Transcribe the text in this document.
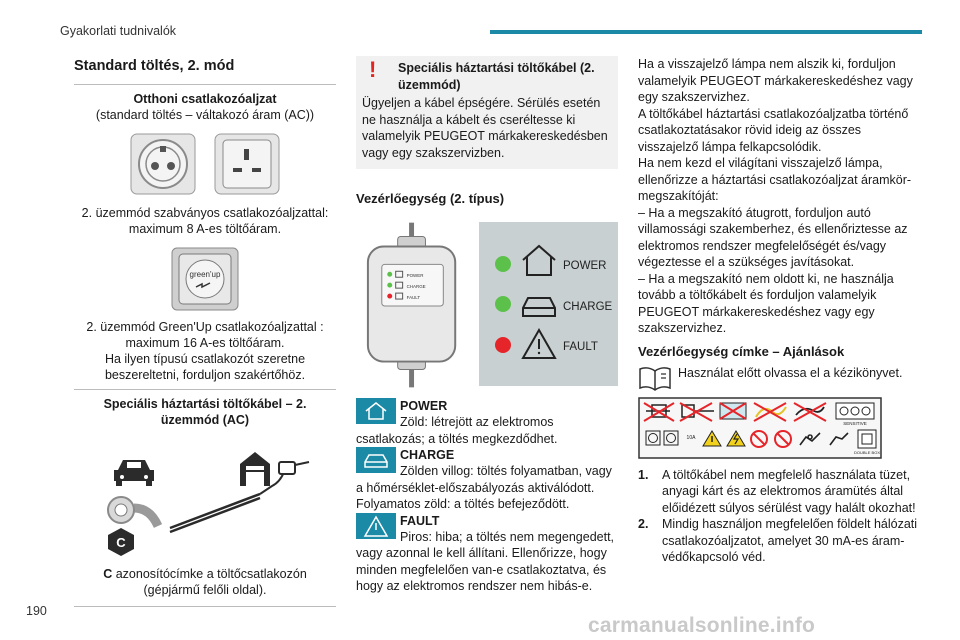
Gyakorlati tudnivalók
Standard töltés, 2. mód
Otthoni csatlakozóaljzat
(standard töltés – váltakozó áram (AC))
2. üzemmód szabványos csatlakozóaljzattal: maximum 8 A-es töltőáram.
green'up
2. üzemmód Green'Up csatlakozóaljzattal : maximum 16 A-es töltőáram.
Ha ilyen típusú csatlakozót szeretne beszereltetni, forduljon szakértőhöz.
Speciális háztartási töltőkábel – 2. üzemmód (AC)
C
C azonosítócímke a töltőcsatlakozón (gépjármű felőli oldal).
!	Speciális háztartási töltőkábel (2. üzemmód)
Ügyeljen a kábel épségére. Sérülés esetén ne használja a kábelt és cseréltesse ki valamelyik PEUGEOT márkakereskedésben vagy egy szakszervizben.
Vezérlőegység (2. típus)
POWER
CHARGE
FAULT
POWER
CHARGE
FAULT
POWER
Zöld: létrejött az elektromos csatlakozás; a töltés megkezdődhet.
CHARGE
Zölden villog: töltés folyamatban, vagy a hőmérséklet-előszabályozás aktiválódott. Folyamatos zöld: a töltés befejeződött.
FAULT
Piros: hiba; a töltés nem megengedett, vagy azonnal le kell állítani. Ellenőrizze, hogy minden megfelelően van-e csatlakoztatva, és hogy az elektromos rendszer nem hibás-e.
Ha a visszajelző lámpa nem alszik ki, forduljon valamelyik PEUGEOT márkakereskedéshez vagy egy szakszervizhez.
A töltőkábel háztartási csatlakozóaljzatba történő csatlakoztatásakor rövid ideig az összes visszajelző lámpa felkapcsolódik.
Ha nem kezd el világítani visszajelző lámpa, ellenőrizze a háztartási csatlakozóaljzat áramkör-megszakítóját:
– Ha a megszakító átugrott, forduljon autó villamossági szakemberhez, és ellenőriztesse az elektromos rendszer megfelelőségét és/vagy végeztesse el a szükséges javításokat.
– Ha a megszakító nem oldott ki, ne használja tovább a töltőkábelt és forduljon valamelyik PEUGEOT márkakereskedéshez vagy egy szakszervizhez.
Vezérlőegység címke – Ajánlások
Használat előtt olvassa el a kézikönyvet.
SENSITIVE
10A
DOUBLE BOX
1.	A töltőkábel nem megfelelő használata tüzet, anyagi kárt és az elektromos áramütés által előidézett súlyos sérülést vagy halált okozhat!
2.	Mindig használjon megfelelően földelt hálózati csatlakozóaljzatot, amelyet 30 mA-es áram-védőkapcsoló véd.
190
carmanualsonline.info
